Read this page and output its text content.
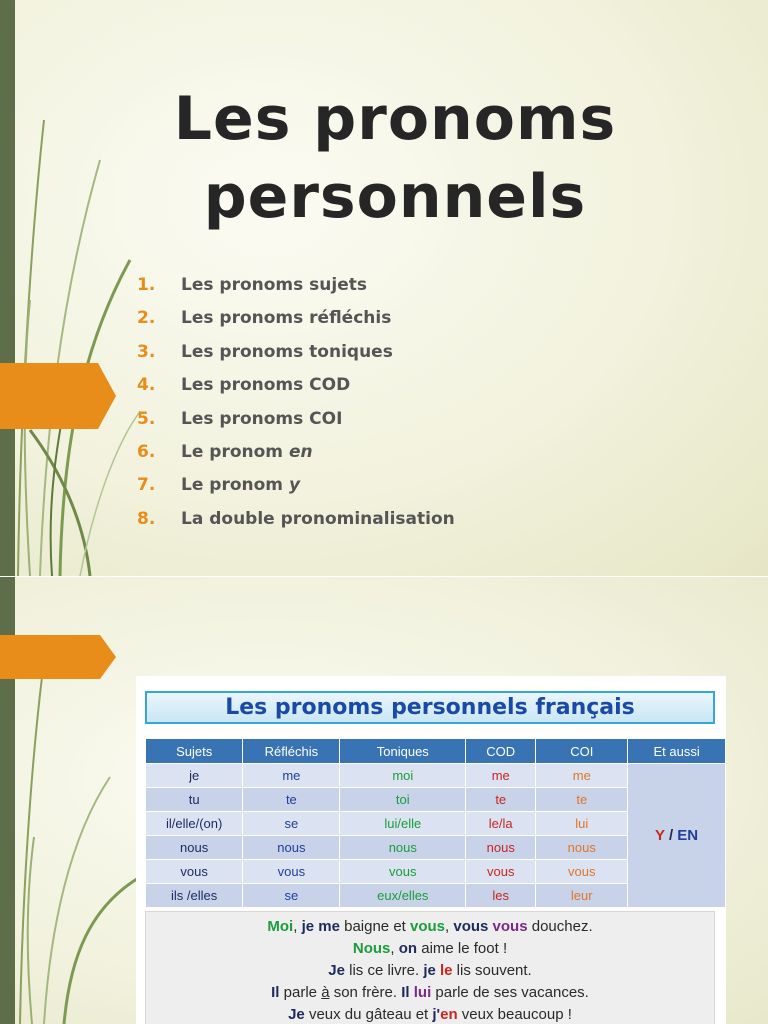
Les pronoms personnels
1. Les pronoms sujets
2. Les pronoms réfléchis
3. Les pronoms toniques
4. Les pronoms COD
5. Les pronoms COI
6. Le pronom en
7. Le pronom y
8. La double pronominalisation
Les pronoms personnels français
Sujets	Réfléchis	Toniques	COD	COI	Et aussi
je	me	moi	me	me	Y / EN
tu	te	toi	te	te	
il/elle/(on)	se	lui/elle	le/la	lui	
nous	nous	nous	nous	nous	
vous	vous	vous	vous	vous	
ils /elles	se	eux/elles	les	leur	
Moi, je me baigne et vous, vous vous douchez.
Nous, on aime le foot !
Je lis ce livre. je le lis souvent.
Il parle à son frère. Il lui parle de ses vacances.
Je veux du gâteau et j'en veux beaucoup !
